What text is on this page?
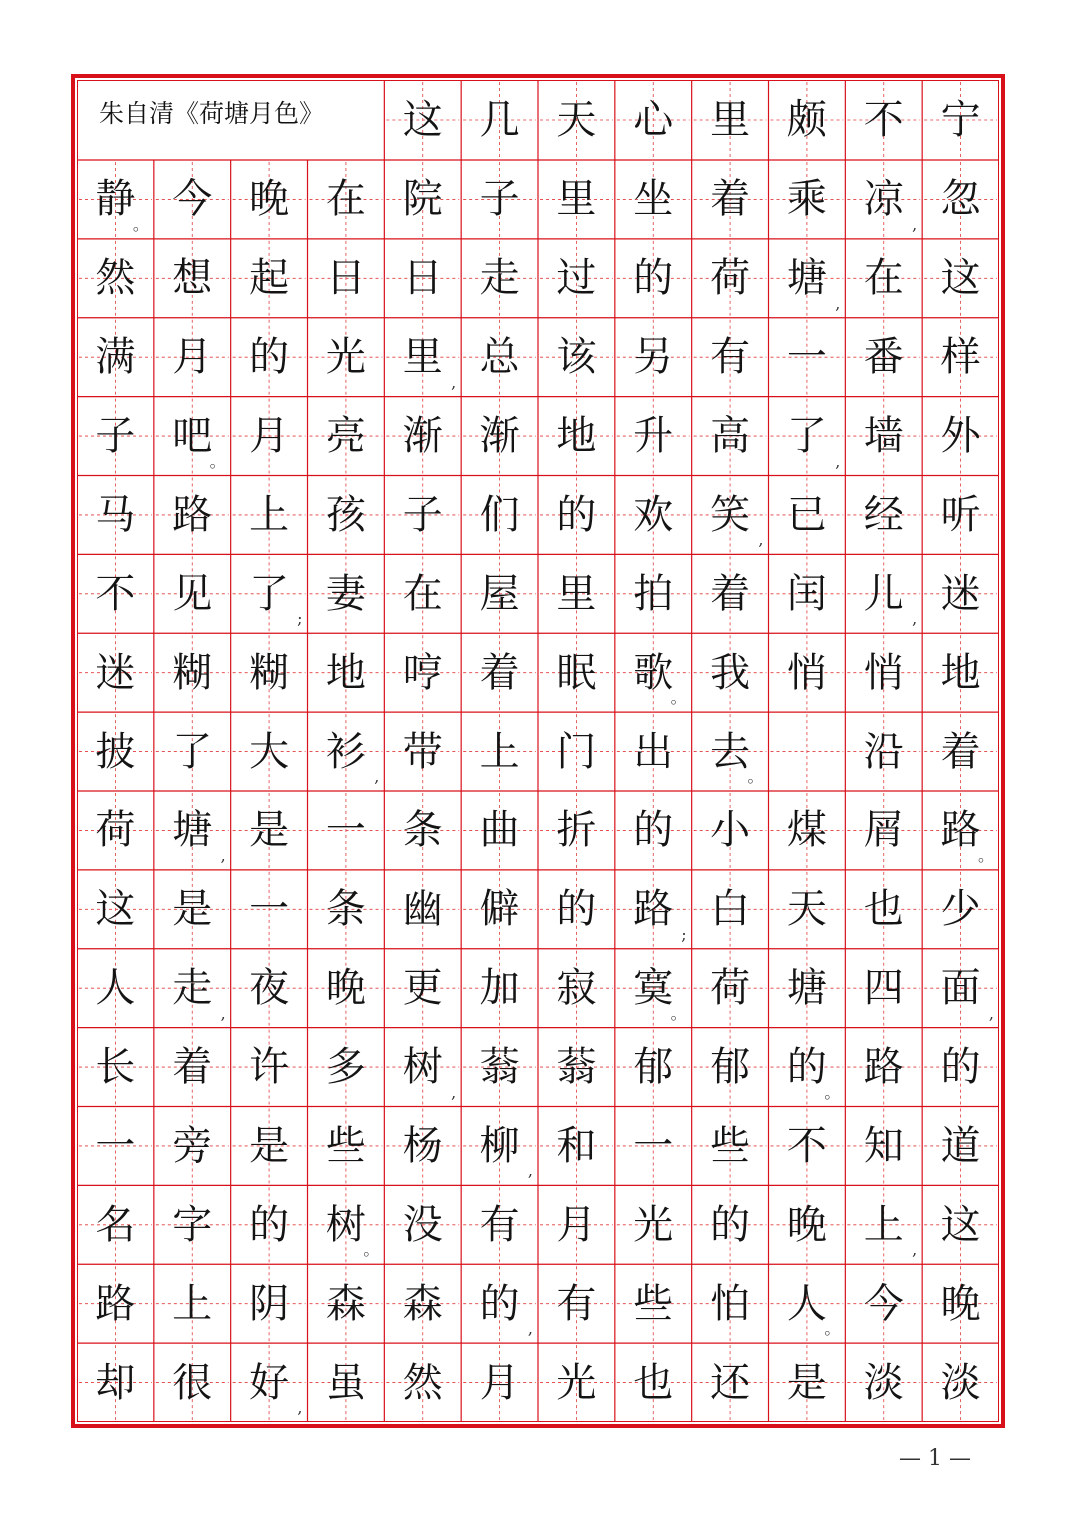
朱自清《荷塘月色》 这 几 天 心 里 颇 不 宁
静
。
今 晚 在 院 子 里 坐 着 乘 凉
,
忽
然 想 起 日 日 走 过 的 荷 塘
,
在 这
满 月 的 光 里
,
总 该 另 有 一 番 样
子 吧
。
月 亮 渐 渐 地 升 高 了
,
墙 外
马 路 上 孩 子 们 的 欢 笑
,
已 经 听
不 见 了
;
妻 在 屋 里 拍 着 闰 儿
,
迷
迷 糊 糊 地 哼 着 眠 歌
。
我 悄 悄 地
披 了 大 衫
,
带 上 门 出 去
。
沿 着
荷 塘
,
是 一 条 曲 折 的 小 煤 屑 路
。
这 是 一 条 幽 僻 的 路
;
白 天 也 少
人 走
,
夜 晚 更 加 寂 寞
。
荷 塘 四 面
,
长 着 许 多 树
,
蓊 蓊 郁 郁 的
。
路 的
一 旁 是 些 杨 柳
,
和 一 些 不 知 道
名 字 的 树
。
没 有 月 光 的 晚 上
,
这
路 上 阴 森 森 的
,
有 些 怕 人
。
今 晚
却 很 好
,
虽 然 月 光 也 还 是 淡 淡
— 1 —
